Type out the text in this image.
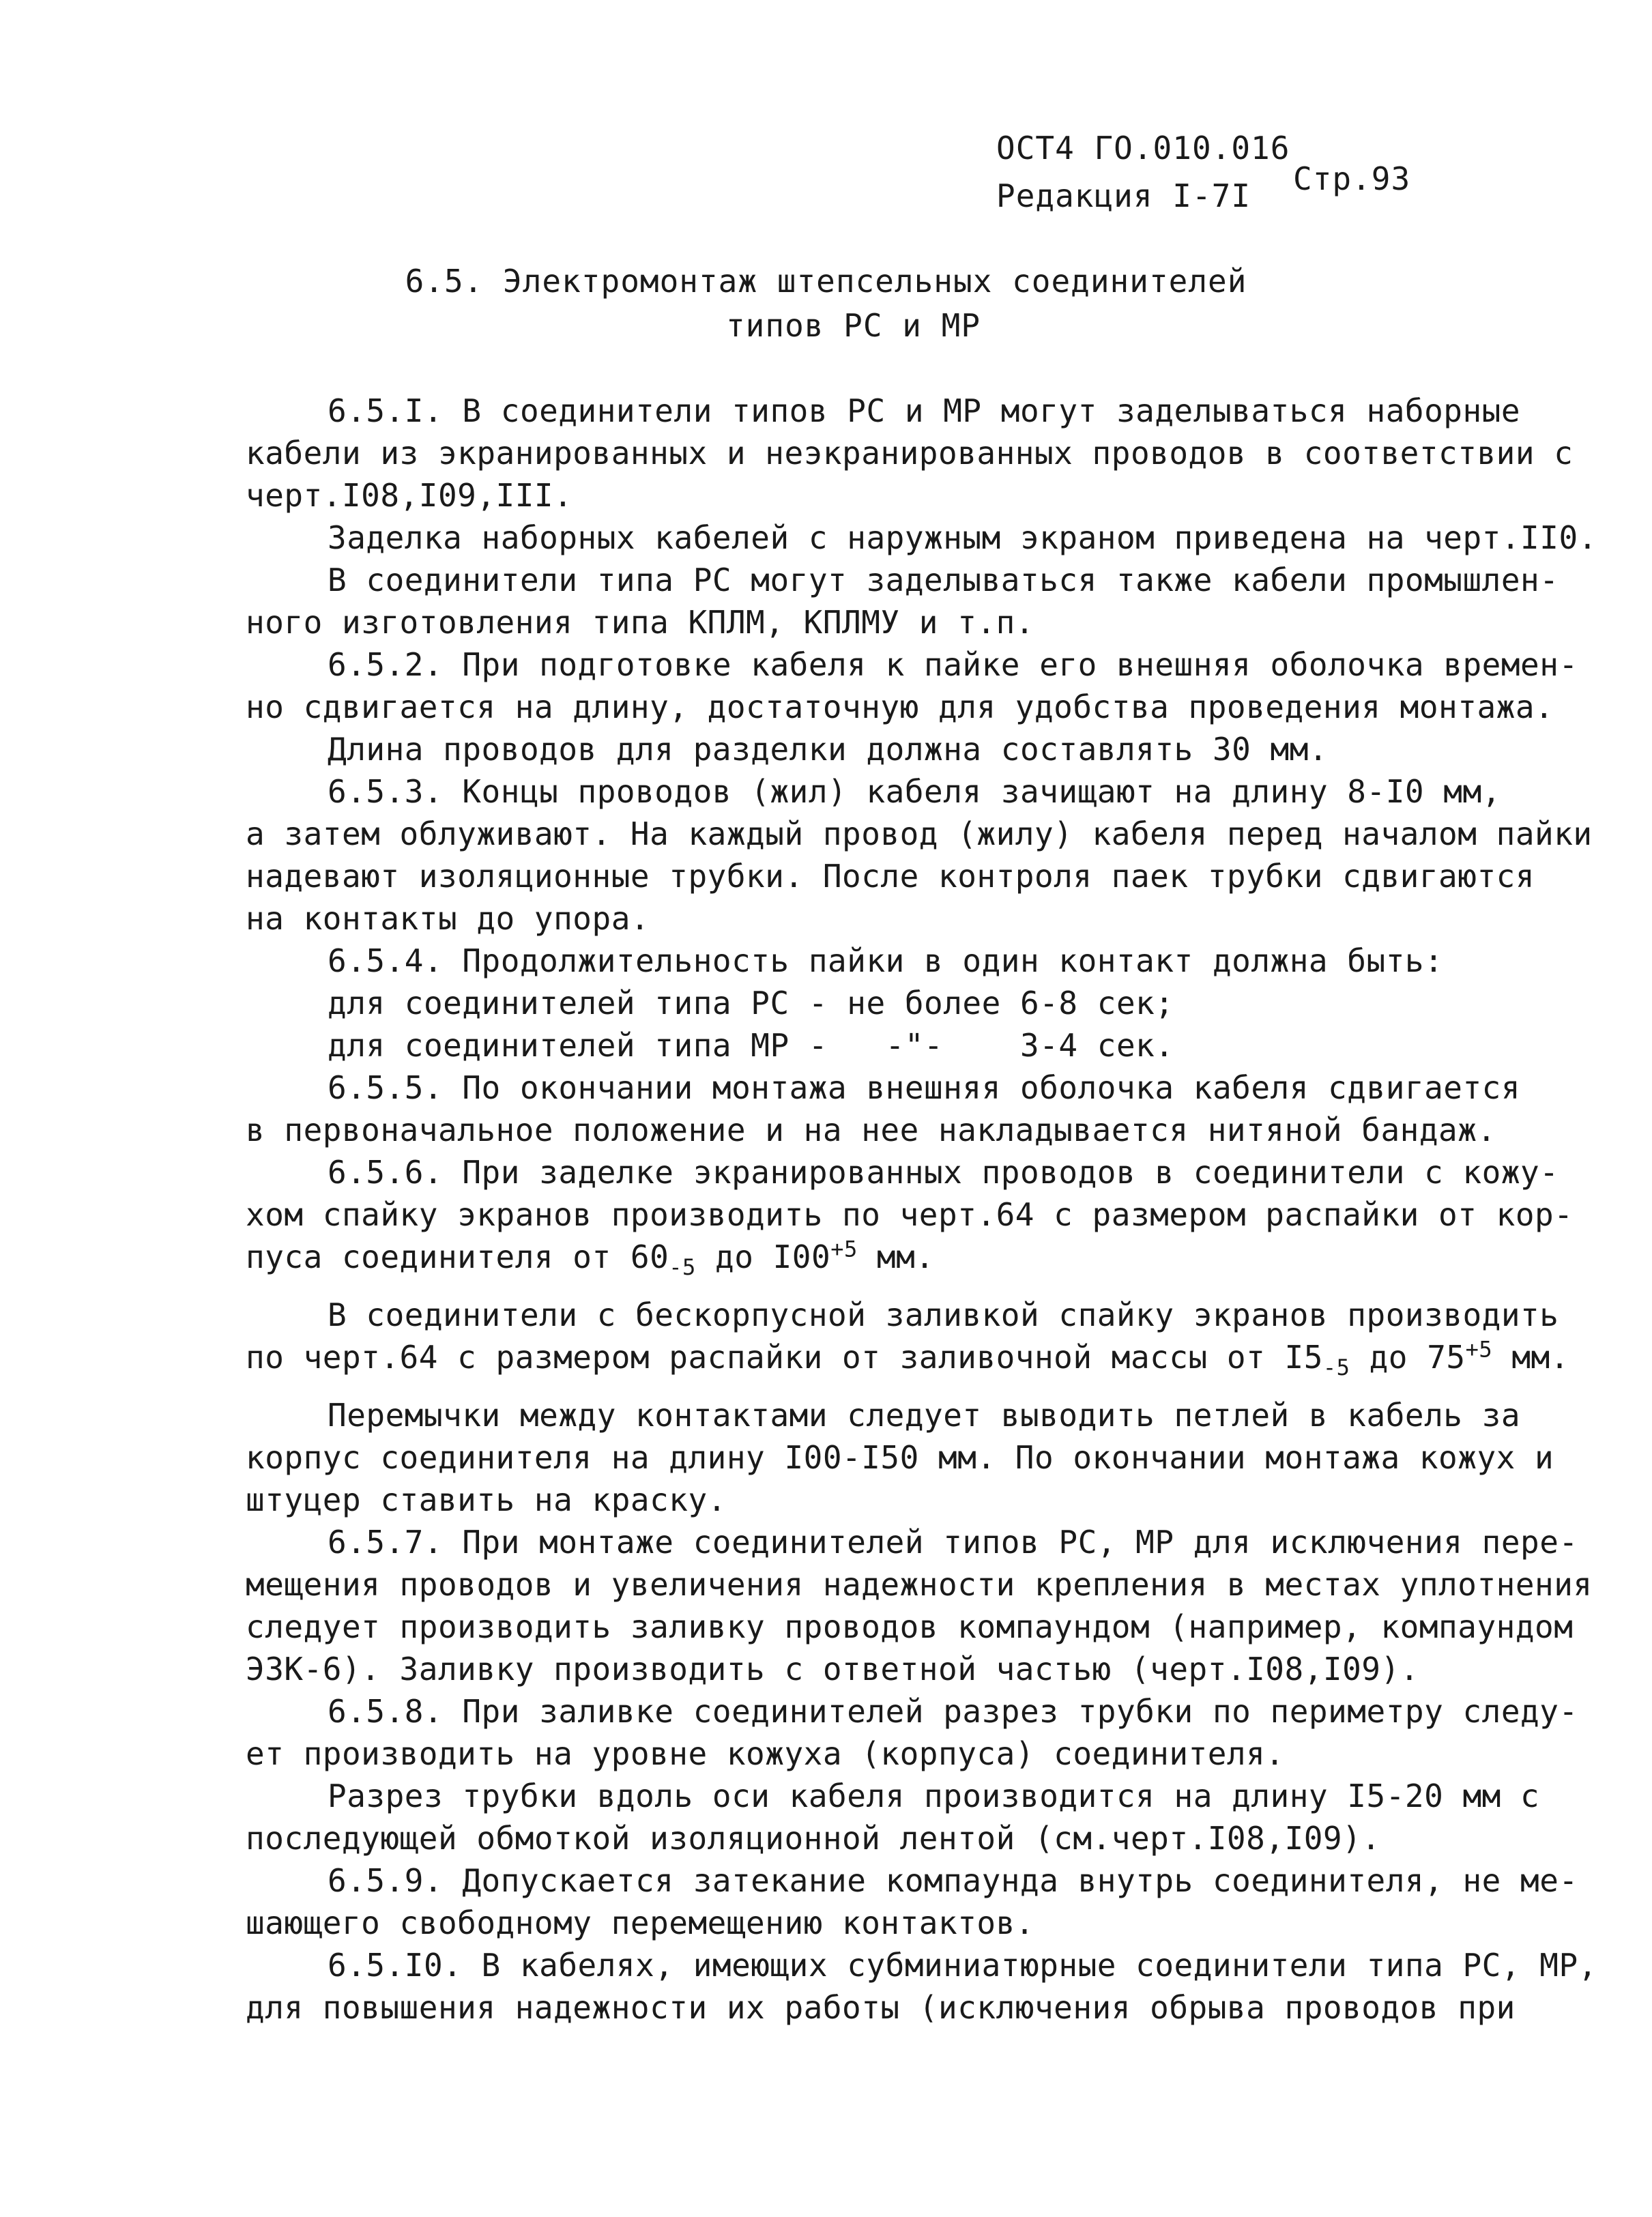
ОСТ4 ГО.010.016
Редакция I-7I Стр.93
6.5. Электромонтаж штепсельных соединителей
типов РС и МР
6.5.I. В соединители типов РС и МР могут заделываться наборные
кабели из экранированных и неэкранированных проводов в соответствии с
черт.I08,I09,III.
Заделка наборных кабелей с наружным экраном приведена на черт.II0.
В соединители типа РС могут заделываться также кабели промышлен-
ного изготовления типа КПЛМ, КПЛМУ и т.п.
6.5.2. При подготовке кабеля к пайке его внешняя оболочка времен-
но сдвигается на длину, достаточную для удобства проведения монтажа.
Длина проводов для разделки должна составлять 30 мм.
6.5.3. Концы проводов (жил) кабеля зачищают на длину 8-I0 мм,
а затем облуживают. На каждый провод (жилу) кабеля перед началом пайки
надевают изоляционные трубки. После контроля паек трубки сдвигаются
на контакты до упора.
6.5.4. Продолжительность пайки в один контакт должна быть:
для соединителей типа РС - не более 6-8 сек;
для соединителей типа МР -   -"-    3-4 сек.
6.5.5. По окончании монтажа внешняя оболочка кабеля сдвигается
в первоначальное положение и на нее накладывается нитяной бандаж.
6.5.6. При заделке экранированных проводов в соединители с кожу-
хом спайку экранов производить по черт.64 с размером распайки от кор-
пуса соединителя от $60_{-5}$ до $I00^{+5}$ мм.
В соединители с бескорпусной заливкой спайку экранов производить
по черт.64 с размером распайки от заливочной массы от $I5_{-5}$ до $75^{+5}$ мм.
Перемычки между контактами следует выводить петлей в кабель за
корпус соединителя на длину I00-I50 мм. По окончании монтажа кожух и
штуцер ставить на краску.
6.5.7. При монтаже соединителей типов РС, МР для исключения пере-
мещения проводов и увеличения надежности крепления в местах уплотнения
следует производить заливку проводов компаундом (например, компаундом
ЭЗК-6). Заливку производить с ответной частью (черт.I08,I09).
6.5.8. При заливке соединителей разрез трубки по периметру следу-
ет производить на уровне кожуха (корпуса) соединителя.
Разрез трубки вдоль оси кабеля производится на длину I5-20 мм с
последующей обмоткой изоляционной лентой (см.черт.I08,I09).
6.5.9. Допускается затекание компаунда внутрь соединителя, не ме-
шающего свободному перемещению контактов.
6.5.I0. В кабелях, имеющих субминиатюрные соединители типа РС, МР,
для повышения надежности их работы (исключения обрыва проводов при
